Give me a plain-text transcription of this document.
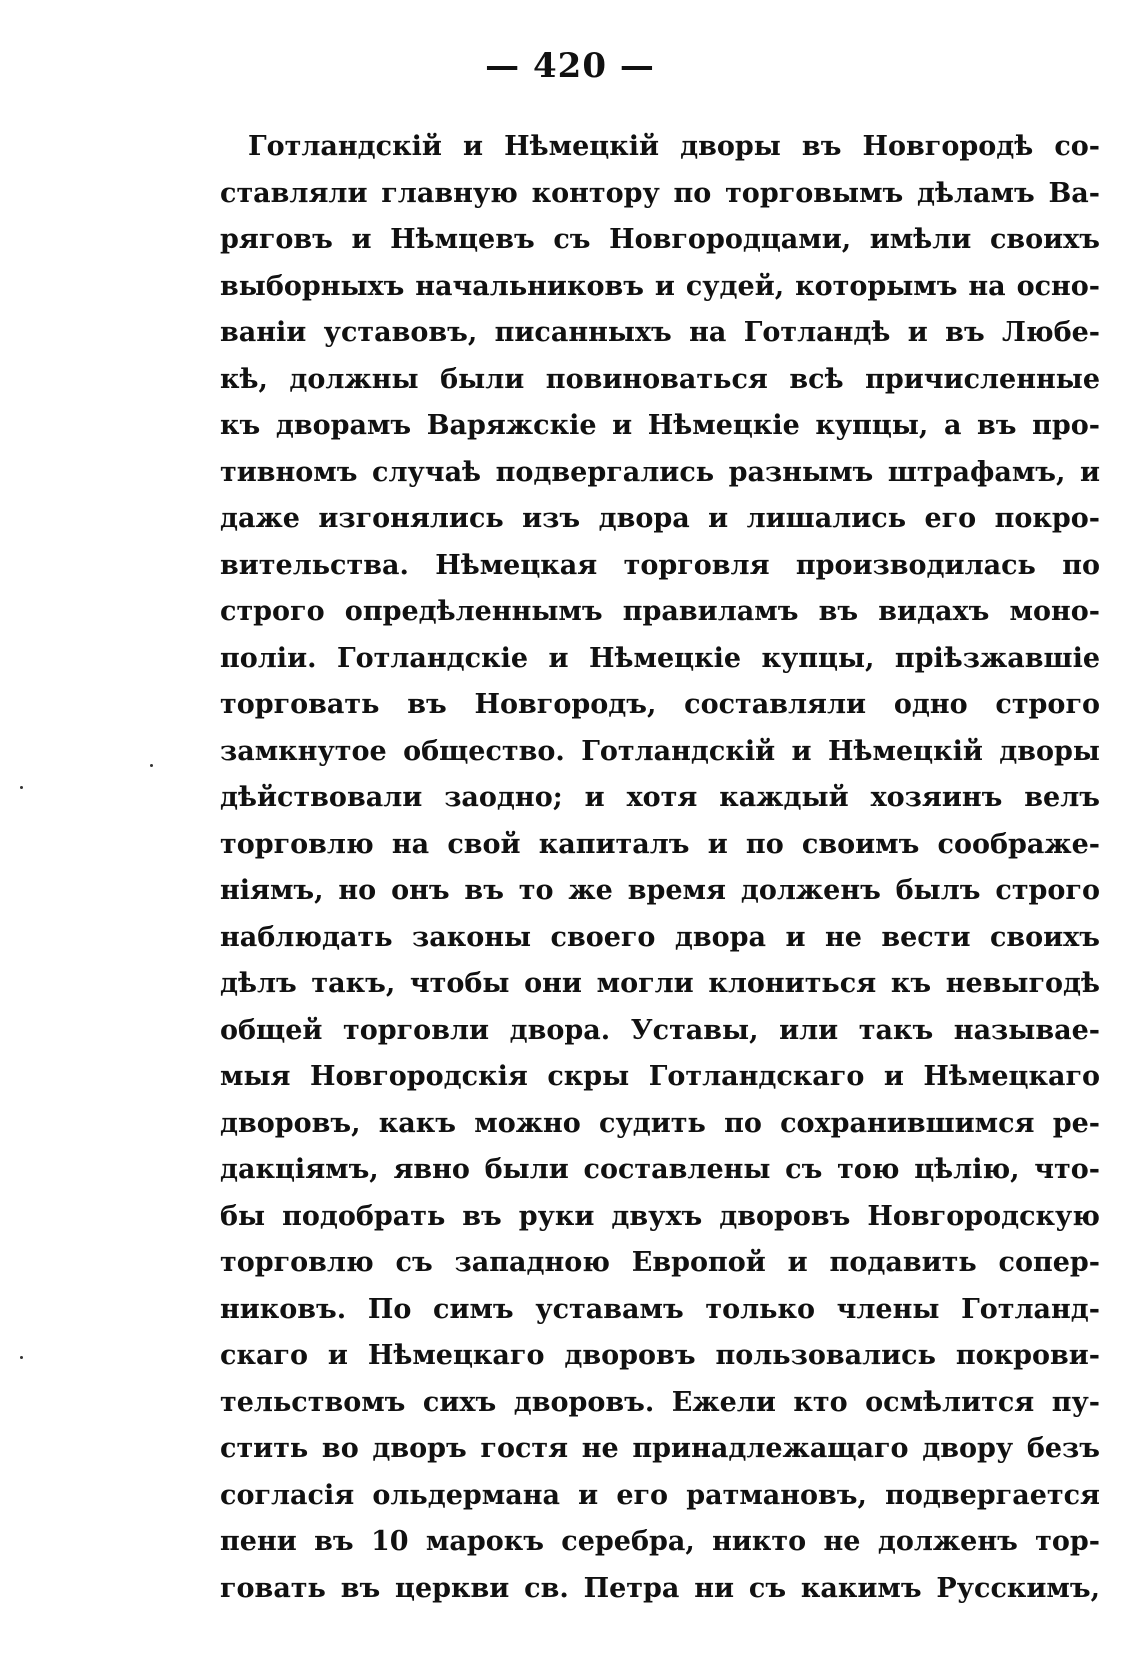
— 420 —
Готландскій и Нѣмецкій дворы въ Новгородѣ со-
ставляли главную контору по торговымъ дѣламъ Ва-
ряговъ и Нѣмцевъ съ Новгородцами, имѣли своихъ
выборныхъ начальниковъ и судей, которымъ на осно-
ваніи уставовъ, писанныхъ на Готландѣ и въ Любе-
кѣ, должны были повиноваться всѣ причисленные
къ дворамъ Варяжскіе и Нѣмецкіе купцы, а въ про-
тивномъ случаѣ подвергались разнымъ штрафамъ, и
даже изгонялись изъ двора и лишались его покро-
вительства. Нѣмецкая торговля производилась по
строго опредѣленнымъ правиламъ въ видахъ моно-
поліи. Готландскіе и Нѣмецкіе купцы, пріѣзжавшіе
торговать въ Новгородъ, составляли одно строго
замкнутое общество. Готландскій и Нѣмецкій дворы
дѣйствовали заодно; и хотя каждый хозяинъ велъ
торговлю на свой капиталъ и по своимъ соображе-
ніямъ, но онъ въ то же время долженъ былъ строго
наблюдать законы своего двора и не вести своихъ
дѣлъ такъ, чтобы они могли клониться къ невыгодѣ
общей торговли двора. Уставы, или такъ называе-
мыя Новгородскія скры Готландскаго и Нѣмецкаго
дворовъ, какъ можно судить по сохранившимся ре-
дакціямъ, явно были составлены съ тою цѣлію, что-
бы подобрать въ руки двухъ дворовъ Новгородскую
торговлю съ западною Европой и подавить сопер-
никовъ. По симъ уставамъ только члены Готланд-
скаго и Нѣмецкаго дворовъ пользовались покрови-
тельствомъ сихъ дворовъ. Ежели кто осмѣлится пу-
стить во дворъ гостя не принадлежащаго двору безъ
согласія ольдермана и его ратмановъ, подвергается
пени въ 10 марокъ серебра, никто не долженъ тор-
говать въ церкви св. Петра ни съ какимъ Русскимъ,
